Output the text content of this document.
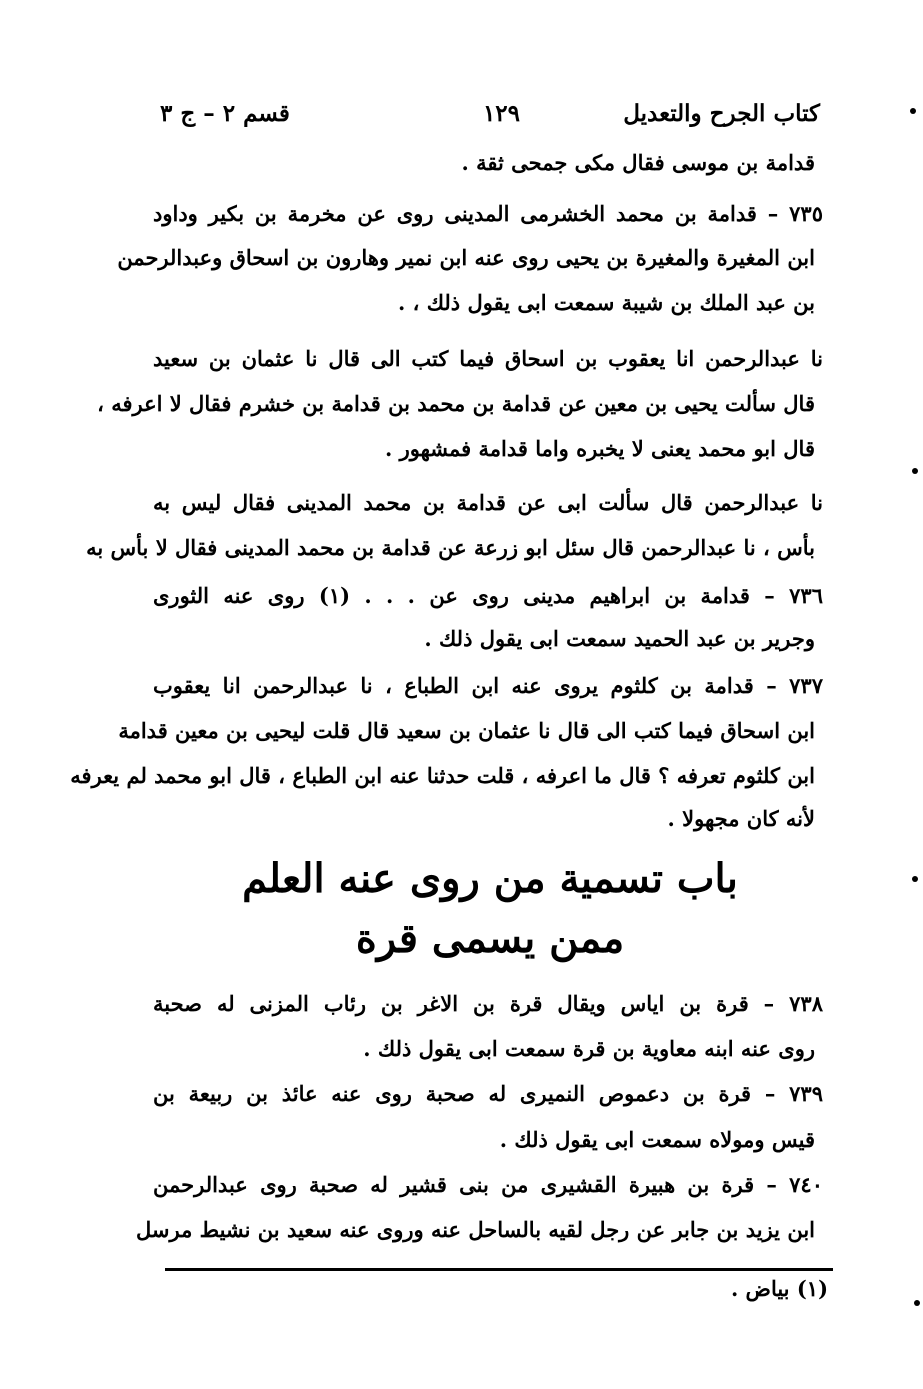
كتاب الجرح والتعديل
١٢٩
قسم ٢ – ج ٣
قدامة بن موسى فقال مكى جمحى ثقة .
٧٣٥ – قدامة بن محمد الخشرمى المدينى روى عن مخرمة بن بكير وداود
ابن المغيرة والمغيرة بن يحيى روى عنه ابن نمير وهارون بن اسحاق وعبدالرحمن
بن عبد الملك بن شيبة سمعت ابى يقول ذلك ، .
نا عبدالرحمن انا يعقوب بن اسحاق فيما كتب الى قال نا عثمان بن سعيد
قال سألت يحيى بن معين عن قدامة بن محمد بن قدامة بن خشرم فقال لا اعرفه ،
قال ابو محمد يعنى لا يخبره واما قدامة فمشهور .
نا عبدالرحمن قال سألت ابى عن قدامة بن محمد المدينى فقال ليس به
بأس ، نا عبدالرحمن قال سئل ابو زرعة عن قدامة بن محمد المدينى فقال لا بأس به
٧٣٦ – قدامة بن ابراهيم مدينى روى عن . . . (١) روى عنه الثورى
وجرير بن عبد الحميد سمعت ابى يقول ذلك .
٧٣٧ – قدامة بن كلثوم يروى عنه ابن الطباع ، نا عبدالرحمن انا يعقوب
ابن اسحاق فيما كتب الى قال نا عثمان بن سعيد قال قلت ليحيى بن معين قدامة
ابن كلثوم تعرفه ؟ قال ما اعرفه ، قلت حدثنا عنه ابن الطباع ، قال ابو محمد لم يعرفه
لأنه كان مجهولا .
باب تسمية من روى عنه العلم
ممن يسمى قرة
٧٣٨ – قرة بن اياس ويقال قرة بن الاغر بن رئاب المزنى له صحبة
روى عنه ابنه معاوية بن قرة سمعت ابى يقول ذلك .
٧٣٩ – قرة بن دعموص النميرى له صحبة روى عنه عائذ بن ربيعة بن
قيس ومولاه سمعت ابى يقول ذلك .
٧٤٠ – قرة بن هبيرة القشيرى من بنى قشير له صحبة روى عبدالرحمن
ابن يزيد بن جابر عن رجل لقيه بالساحل عنه وروى عنه سعيد بن نشيط مرسل
(١) بياض .
